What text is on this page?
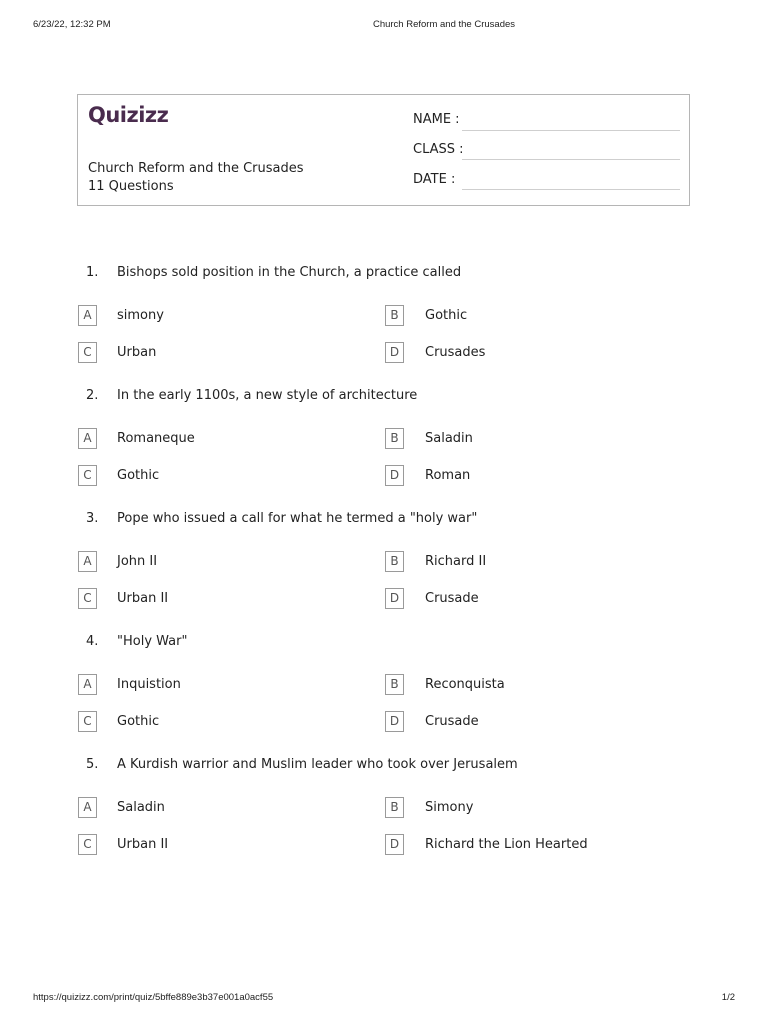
6/23/22, 12:32 PM	Church Reform and the Crusades
Quizizz
Church Reform and the Crusades
11 Questions
NAME :
CLASS :
DATE :
1. Bishops sold position in the Church, a practice called
A	simony	B	Gothic
C	Urban	D	Crusades
2. In the early 1100s, a new style of architecture
A	Romaneque	B	Saladin
C	Gothic	D	Roman
3. Pope who issued a call for what he termed a "holy war"
A	John II	B	Richard II
C	Urban II	D	Crusade
4. "Holy War"
A	Inquistion	B	Reconquista
C	Gothic	D	Crusade
5. A Kurdish warrior and Muslim leader who took over Jerusalem
A	Saladin	B	Simony
C	Urban II	D	Richard the Lion Hearted
https://quizizz.com/print/quiz/5bffe889e3b37e001a0acf55	1/2
